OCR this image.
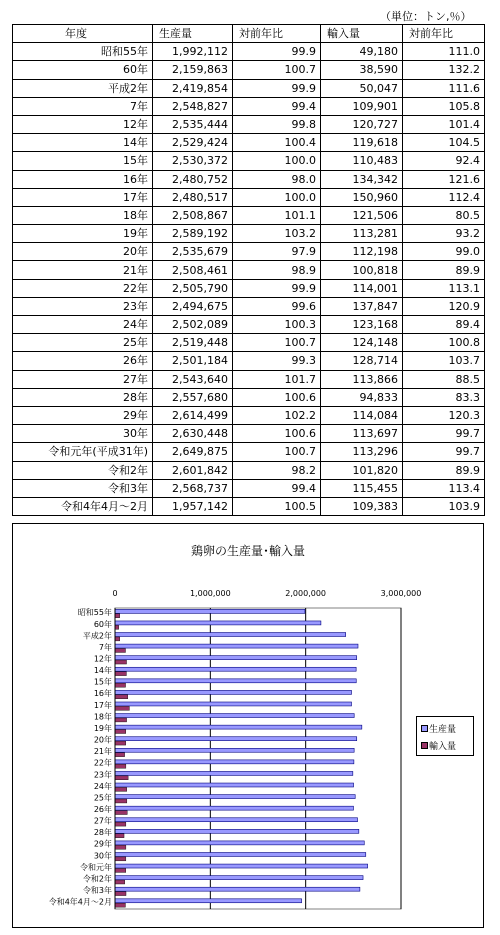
（単位：トン,％）
年度	生産量	対前年比	輸入量	対前年比
昭和55年	1,992,112	99.9	49,180	111.0
60年	2,159,863	100.7	38,590	132.2
平成2年	2,419,854	99.9	50,047	111.6
7年	2,548,827	99.4	109,901	105.8
12年	2,535,444	99.8	120,727	101.4
14年	2,529,424	100.4	119,618	104.5
15年	2,530,372	100.0	110,483	92.4
16年	2,480,752	98.0	134,342	121.6
17年	2,480,517	100.0	150,960	112.4
18年	2,508,867	101.1	121,506	80.5
19年	2,589,192	103.2	113,281	93.2
20年	2,535,679	97.9	112,198	99.0
21年	2,508,461	98.9	100,818	89.9
22年	2,505,790	99.9	114,001	113.1
23年	2,494,675	99.6	137,847	120.9
24年	2,502,089	100.3	123,168	89.4
25年	2,519,448	100.7	124,148	100.8
26年	2,501,184	99.3	128,714	103.7
27年	2,543,640	101.7	113,866	88.5
28年	2,557,680	100.6	94,833	83.3
29年	2,614,499	102.2	114,084	120.3
30年	2,630,448	100.6	113,697	99.7
令和元年(平成31年)	2,649,875	100.7	113,296	99.7
令和2年	2,601,842	98.2	101,820	89.9
令和3年	2,568,737	99.4	115,455	113.4
令和4年4月～2月	1,957,142	100.5	109,383	103.9
鶏卵の生産量･輸入量
0	1,000,000	2,000,000	3,000,000
昭和55年
60年
平成2年
7年
12年
14年
15年
16年
17年
18年
19年
20年
21年
22年
23年
24年
25年
26年
27年
28年
29年
30年
令和元年
令和2年
令和3年
令和4年4月～2月
生産量
輸入量
